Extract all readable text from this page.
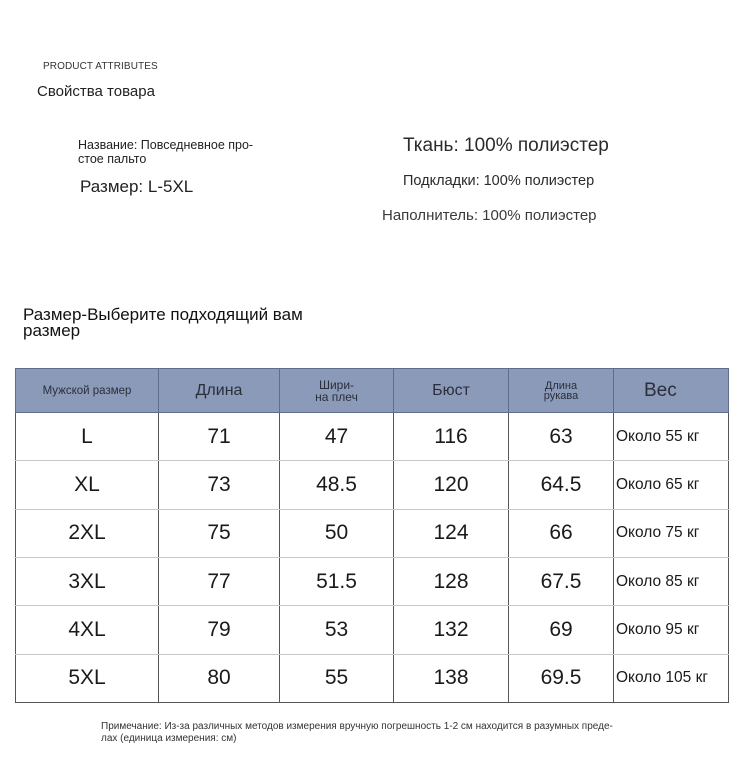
PRODUCT ATTRIBUTES
Свойства товара
Название: Повседневное про-
стое пальто
Размер: L-5XL
Ткань: 100% полиэстер
Подкладки: 100% полиэстер
Наполнитель: 100% полиэстер
Размер-Выберите подходящий вам
размер
Мужской размер	Длина	Шири-
на плеч	Бюст	Длина
рукава	Вес
L	71	47	116	63	Около 55 кг
XL	73	48.5	120	64.5	Около 65 кг
2XL	75	50	124	66	Около 75 кг
3XL	77	51.5	128	67.5	Около 85 кг
4XL	79	53	132	69	Около 95 кг
5XL	80	55	138	69.5	Около 105 кг
Примечание: Из-за различных методов измерения вручную погрешность 1-2 см находится в разумных преде-
лах (единица измерения: см)
